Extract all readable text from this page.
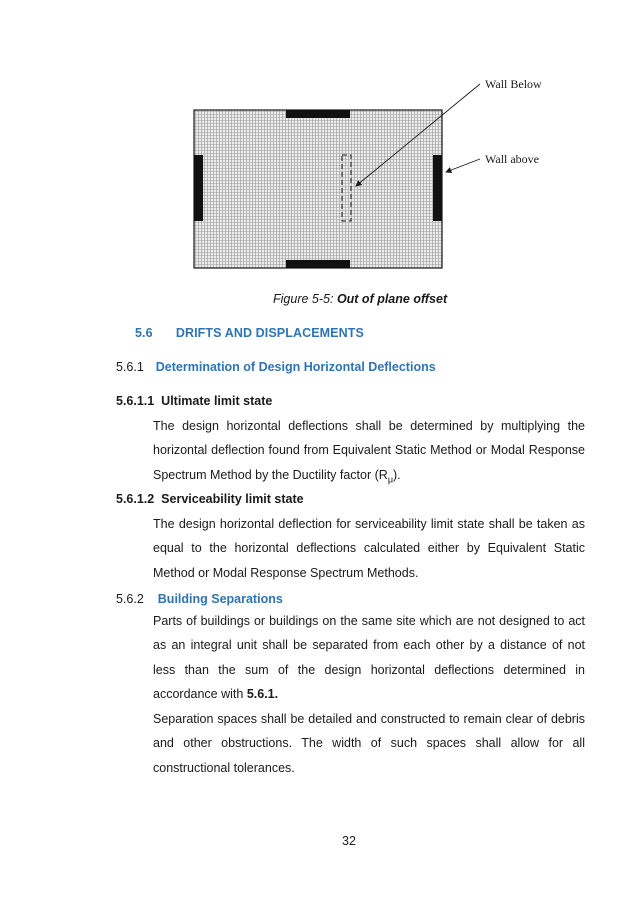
Wall Below
Wall above
Figure 5-5: Out of plane offset
5.6 DRIFTS AND DISPLACEMENTS
5.6.1 Determination of Design Horizontal Deflections
5.6.1.1  Ultimate limit state
The design horizontal deflections shall be determined by multiplying the horizontal deflection found from Equivalent Static Method or Modal Response Spectrum Method by the Ductility factor $(R_\mu)$.
5.6.1.2  Serviceability limit state
The design horizontal deflection for serviceability limit state shall be taken as equal to the horizontal deflections calculated either by Equivalent Static Method or Modal Response Spectrum Methods.
5.6.2 Building Separations
Parts of buildings or buildings on the same site which are not designed to act as an integral unit shall be separated from each other by a distance of not less than the sum of the design horizontal deflections determined in accordance with 5.6.1.
Separation spaces shall be detailed and constructed to remain clear of debris and other obstructions. The width of such spaces shall allow for all constructional tolerances.
32
